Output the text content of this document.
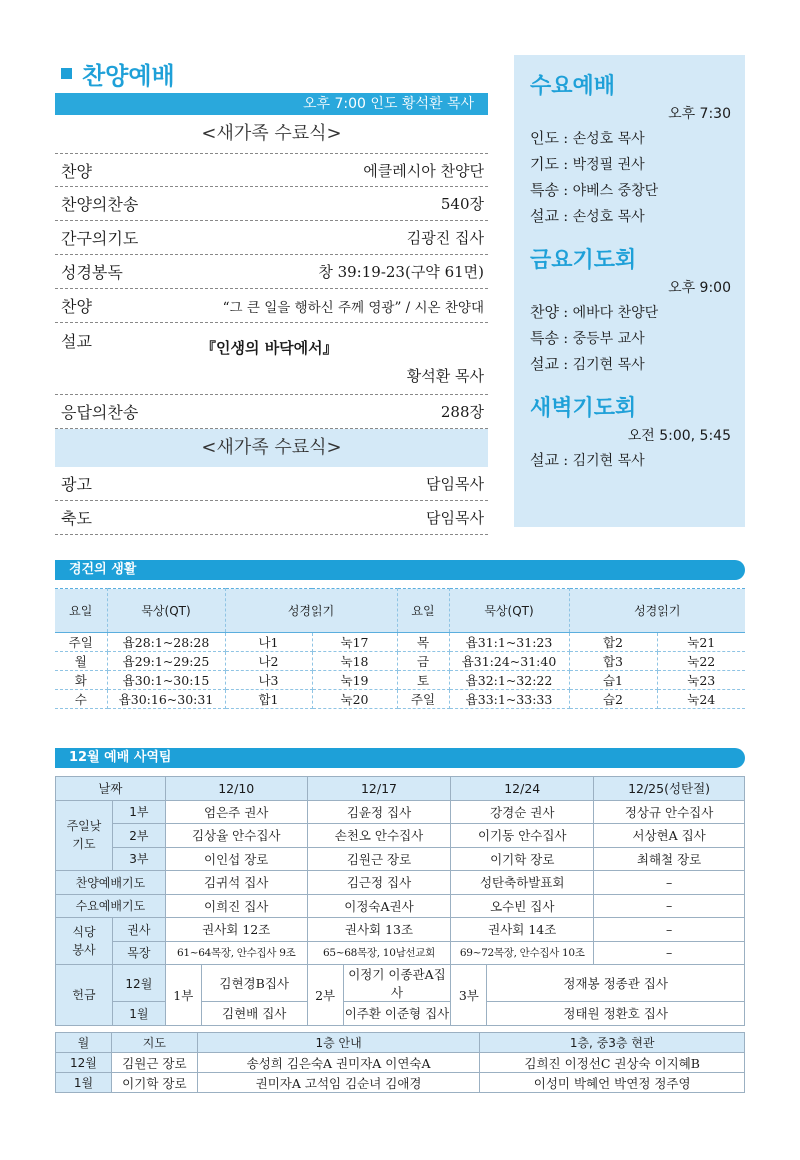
찬양예배
오후 7:00 인도 황석환 목사
<새가족 수료식>
찬양	에클레시아 찬양단
찬양의찬송	540장
간구의기도	김광진 집사
성경봉독	창 39:19-23(구약 61면)
찬양	“그 큰 일을 행하신 주께 영광” / 시온 찬양대
설교	『인생의 바닥에서』
황석환 목사
응답의찬송	288장
<새가족 수료식>
광고	담임목사
축도	담임목사
수요예배
오후 7:30
인도 : 손성호 목사
기도 : 박정필 권사
특송 : 야베스 중창단
설교 : 손성호 목사
금요기도회
오후 9:00
찬양 : 에바다 찬양단
특송 : 중등부 교사
설교 : 김기현 목사
새벽기도회
오전 5:00, 5:45
설교 : 김기현 목사
경건의 생활
요일	묵상(QT)	성경읽기		요일	묵상(QT)	성경읽기	
주일	욥28:1~28:28	나1	눅17	목	욥31:1~31:23	합2	눅21
월	욥29:1~29:25	나2	눅18	금	욥31:24~31:40	합3	눅22
화	욥30:1~30:15	나3	눅19	토	욥32:1~32:22	습1	눅23
수	욥30:16~30:31	합1	눅20	주일	욥33:1~33:33	습2	눅24
12월 예배 사역팀
날짜		12/10		12/17		12/24		12/25(성탄절)
주일낮
기도	1부	엄은주 권사		김윤정 집사		강경순 권사		정상규 안수집사
	2부	김상율 안수집사		손천오 안수집사		이기동 안수집사		서상현A 집사
	3부	이인섭 장로		김원근 장로		이기학 장로		최해철 장로
찬양예배기도		김귀석 집사		김근정 집사		성탄축하발표회		–
수요예배기도		이희진 집사		이정숙A권사		오수빈 집사		–
식당
봉사	권사	권사회 12조		권사회 13조		권사회 14조		–
	목장	61~64목장, 안수집사 9조		65~68목장, 10남선교회		69~72목장, 안수집사 10조		–
헌금	12월	1부	김현경B집사	2부	이정기 이종관A집사	3부	정재봉 정종관 집사	
	1월		김현배 집사		이주환 이준형 집사		정태원 정환호 집사	
월	지도	1층 안내	1층, 중3층 현관
12월	김원근 장로	송성희 김은숙A 권미자A 이연숙A	김희진 이정선C 권상숙 이지혜B
1월	이기학 장로	권미자A 고석임 김순녀 김애경	이성미 박혜언 박연정 정주영
